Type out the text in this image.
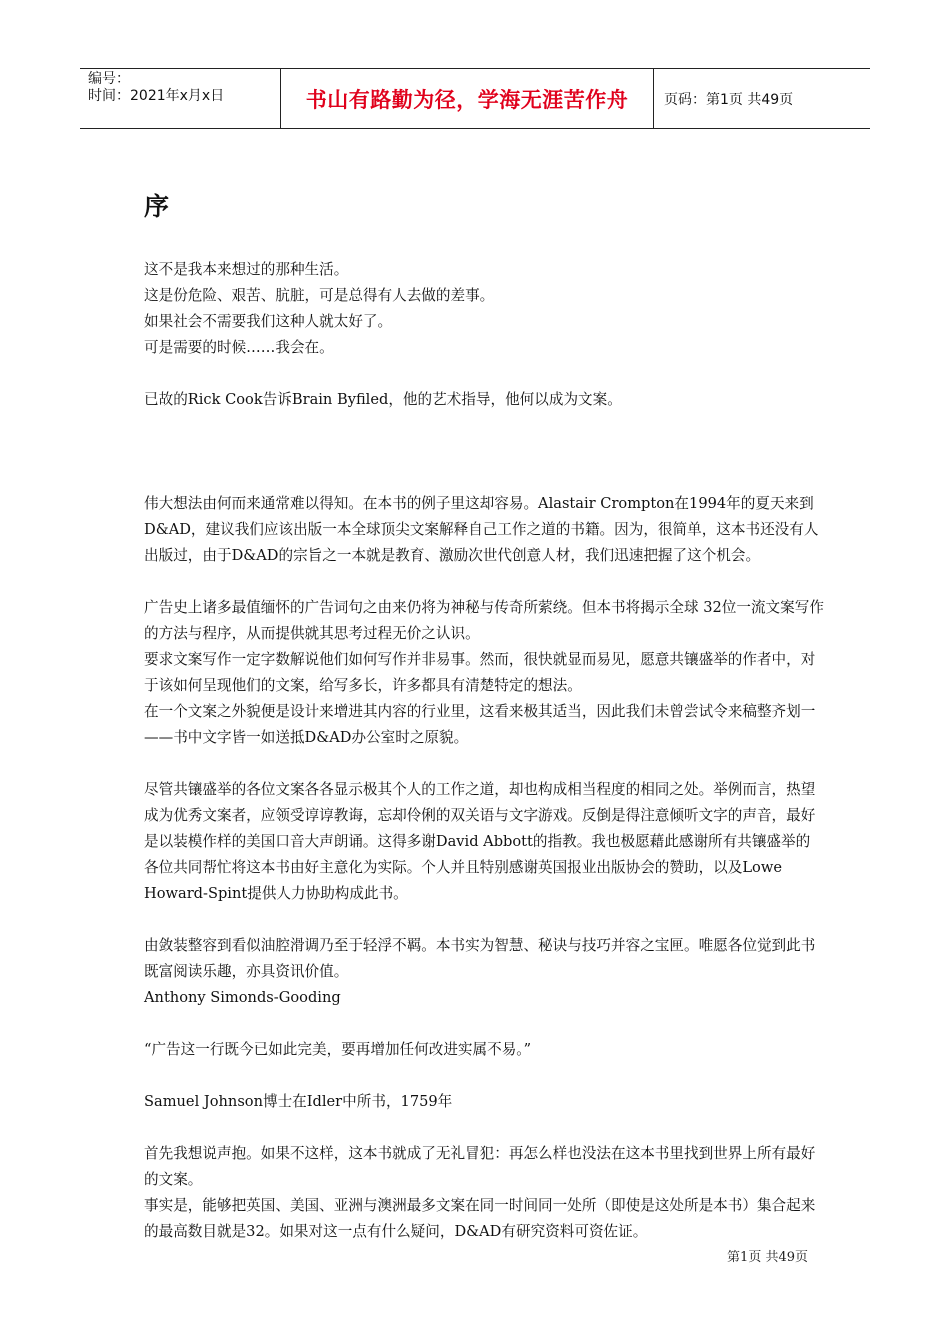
编号：
时间：2021年x月x日	书山有路勤为径，学海无涯苦作舟	页码：第1页 共49页
序

这不是我本来想过的那种生活。

这是份危险、艰苦、肮脏，可是总得有人去做的差事。

如果社会不需要我们这种人就太好了。

可是需要的时候……我会在。

已故的Rick Cook告诉Brain Byfiled，他的艺术指导，他何以成为文案。

伟大想法由何而来通常难以得知。在本书的例子里这却容易。Alastair Crompton在1994年的夏天来到D&AD，建议我们应该出版一本全球顶尖文案解释自己工作之道的书籍。因为，很简单，这本书还没有人出版过，由于D&AD的宗旨之一本就是教育、激励次世代创意人材，我们迅速把握了这个机会。

广告史上诸多最值缅怀的广告词句之由来仍将为神秘与传奇所萦绕。但本书将揭示全球 32位一流文案写作的方法与程序，从而提供就其思考过程无价之认识。

要求文案写作一定字数解说他们如何写作并非易事。然而，很快就显而易见，愿意共镶盛举的作者中，对于该如何呈现他们的文案，给写多长，许多都具有清楚特定的想法。

在一个文案之外貌便是设计来增进其内容的行业里，这看来极其适当，因此我们未曾尝试令来稿整齐划一——书中文字皆一如送抵D&AD办公室时之原貌。

尽管共镶盛举的各位文案各各显示极其个人的工作之道，却也构成相当程度的相同之处。举例而言，热望成为优秀文案者，应领受谆谆教诲，忘却伶俐的双关语与文字游戏。反倒是得注意倾听文字的声音，最好是以装模作样的美国口音大声朗诵。这得多谢David Abbott的指教。我也极愿藉此感谢所有共镶盛举的各位共同帮忙将这本书由好主意化为实际。个人并且特别感谢英国报业出版协会的赞助，以及Lowe Howard-Spint提供人力协助构成此书。

由敛装整容到看似油腔滑调乃至于轻浮不羁。本书实为智慧、秘诀与技巧并容之宝匣。唯愿各位觉到此书既富阅读乐趣，亦具资讯价值。

Anthony Simonds-Gooding

“广告这一行既今已如此完美，要再增加任何改进实属不易。”

Samuel Johnson博士在Idler中所书，1759年

首先我想说声抱。如果不这样，这本书就成了无礼冒犯：再怎么样也没法在这本书里找到世界上所有最好的文案。

事实是，能够把英国、美国、亚洲与澳洲最多文案在同一时间同一处所（即使是这处所是本书）集合起来的最高数目就是32。如果对这一点有什么疑问，D&AD有研究资料可资佐证。

第1页 共49页
